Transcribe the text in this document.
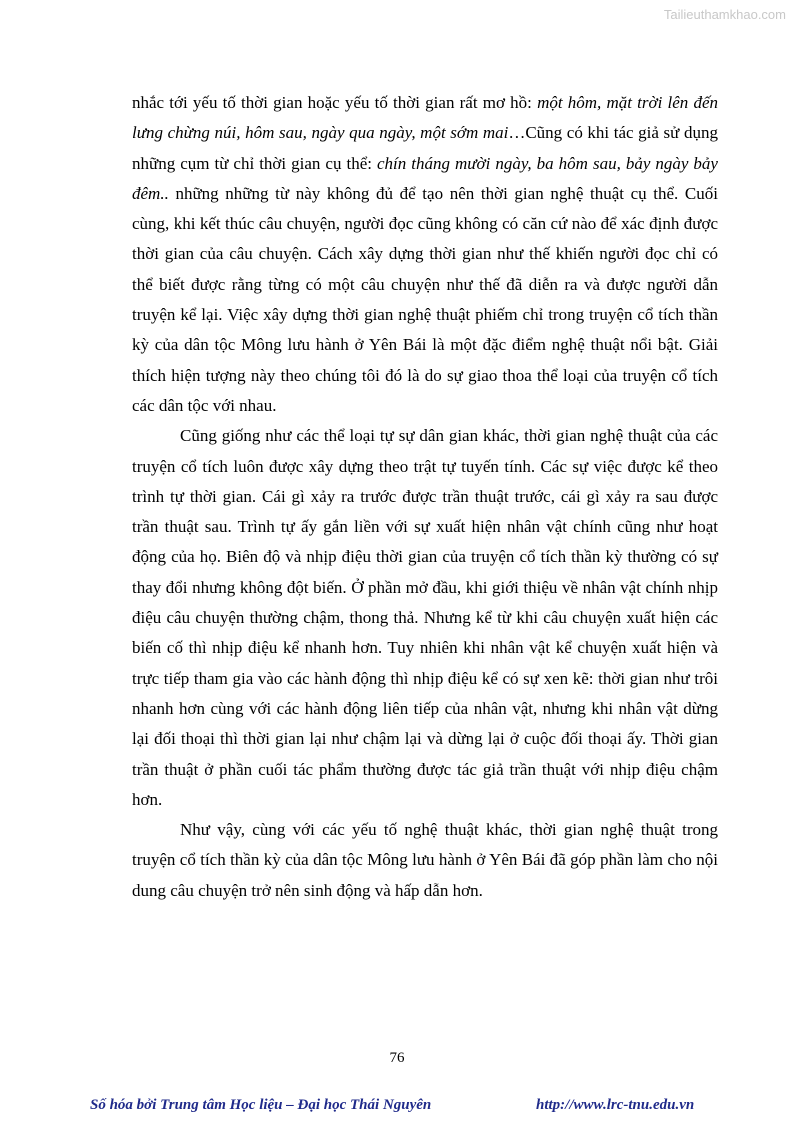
Tailieuthamkhao.com

nhắc tới yếu tố thời gian hoặc yếu tố thời gian rất mơ hồ: một hôm, mặt trời lên đến lưng chừng núi, hôm sau, ngày qua ngày, một sớm mai…Cũng có khi tác giả sử dụng những cụm từ chỉ thời gian cụ thể: chín tháng mười ngày, ba hôm sau, bảy ngày bảy đêm.. những những từ này không đủ để tạo nên thời gian nghệ thuật cụ thể. Cuối cùng, khi kết thúc câu chuyện, người đọc cũng không có căn cứ nào để xác định được thời gian của câu chuyện. Cách xây dựng thời gian như thế khiến người đọc chỉ có thể biết được rằng từng có một câu chuyện như thế đã diễn ra và được người dẫn truyện kể lại. Việc xây dựng thời gian nghệ thuật phiếm chỉ trong truyện cổ tích thần kỳ của dân tộc Mông lưu hành ở Yên Bái là một đặc điểm nghệ thuật nổi bật. Giải thích hiện tượng này theo chúng tôi đó là do sự giao thoa thể loại của truyện cổ tích các dân tộc với nhau.

Cũng giống như các thể loại tự sự dân gian khác, thời gian nghệ thuật của các truyện cổ tích luôn được xây dựng theo trật tự tuyến tính. Các sự việc được kể theo trình tự thời gian. Cái gì xảy ra trước được trần thuật trước, cái gì xảy ra sau được trần thuật sau. Trình tự ấy gắn liền với sự xuất hiện nhân vật chính cũng như hoạt động của họ. Biên độ và nhịp điệu thời gian của truyện cổ tích thần kỳ thường có sự thay đổi nhưng không đột biến. Ở phần mở đầu, khi giới thiệu về nhân vật chính nhịp điệu câu chuyện thường chậm, thong thả. Nhưng kể từ khi câu chuyện xuất hiện các biến cố thì nhịp điệu kể nhanh hơn. Tuy nhiên khi nhân vật kể chuyện xuất hiện và trực tiếp tham gia vào các hành động thì nhịp điệu kể có sự xen kẽ: thời gian như trôi nhanh hơn cùng với các hành động liên tiếp của nhân vật, nhưng khi nhân vật dừng lại đối thoại thì thời gian lại như chậm lại và dừng lại ở cuộc đối thoại ấy. Thời gian trần thuật ở phần cuối tác phẩm thường được tác giả trần thuật với nhịp điệu chậm hơn.

Như vậy, cùng với các yếu tố nghệ thuật khác, thời gian nghệ thuật trong truyện cổ tích thần kỳ của dân tộc Mông lưu hành ở Yên Bái đã góp phần làm cho nội dung câu chuyện trở nên sinh động và hấp dẫn hơn.

76
Số hóa bởi Trung tâm Học liệu – Đại học Thái Nguyên	http://www.lrc-tnu.edu.vn
